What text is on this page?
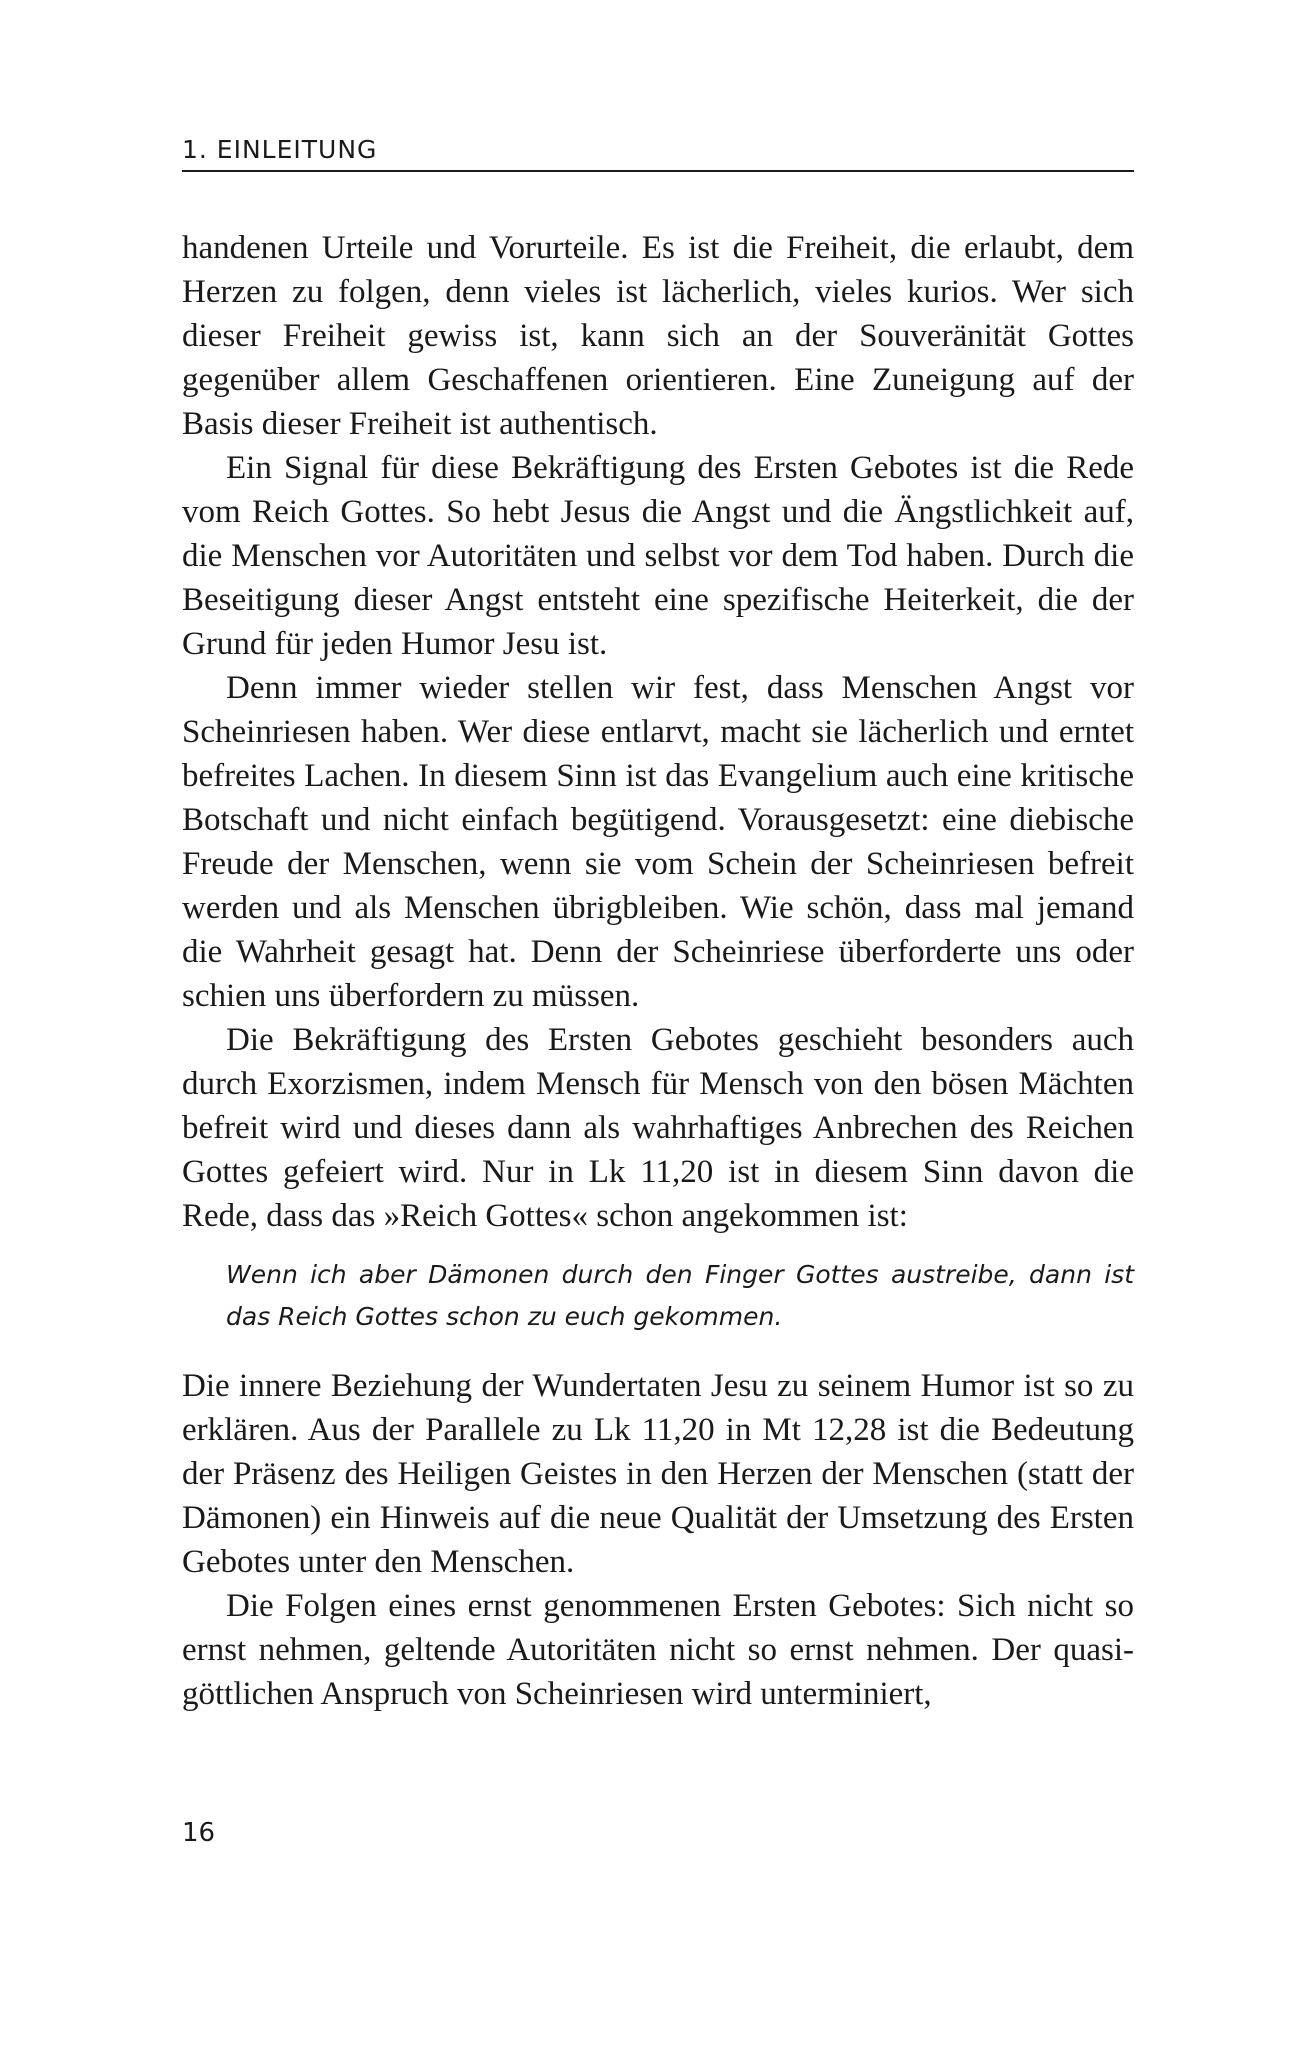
1. EINLEITUNG

handenen Urteile und Vorurteile. Es ist die Freiheit, die erlaubt, dem Herzen zu folgen, denn vieles ist lächerlich, vieles kurios. Wer sich dieser Freiheit gewiss ist, kann sich an der Souveränität Gottes gegenüber allem Geschaffenen orientieren. Eine Zuneigung auf der Basis dieser Freiheit ist authentisch.

Ein Signal für diese Bekräftigung des Ersten Gebotes ist die Rede vom Reich Gottes. So hebt Jesus die Angst und die Ängstlichkeit auf, die Menschen vor Autoritäten und selbst vor dem Tod haben. Durch die Beseitigung dieser Angst entsteht eine spezifische Heiterkeit, die der Grund für jeden Humor Jesu ist.

Denn immer wieder stellen wir fest, dass Menschen Angst vor Scheinriesen haben. Wer diese entlarvt, macht sie lächerlich und erntet befreites Lachen. In diesem Sinn ist das Evangelium auch eine kritische Botschaft und nicht einfach begütigend. Vorausgesetzt: eine diebische Freude der Menschen, wenn sie vom Schein der Scheinriesen befreit werden und als Menschen übrigbleiben. Wie schön, dass mal jemand die Wahrheit gesagt hat. Denn der Scheinriese überforderte uns oder schien uns überfordern zu müssen.

Die Bekräftigung des Ersten Gebotes geschieht besonders auch durch Exorzismen, indem Mensch für Mensch von den bösen Mächten befreit wird und dieses dann als wahrhaftiges Anbrechen des Reichen Gottes gefeiert wird. Nur in Lk 11,20 ist in diesem Sinn davon die Rede, dass das »Reich Gottes« schon angekommen ist:

Wenn ich aber Dämonen durch den Finger Gottes austreibe, dann ist das Reich Gottes schon zu euch gekommen.

Die innere Beziehung der Wundertaten Jesu zu seinem Humor ist so zu erklären. Aus der Parallele zu Lk 11,20 in Mt 12,28 ist die Bedeutung der Präsenz des Heiligen Geistes in den Herzen der Menschen (statt der Dämonen) ein Hinweis auf die neue Qualität der Umsetzung des Ersten Gebotes unter den Menschen.

Die Folgen eines ernst genommenen Ersten Gebotes: Sich nicht so ernst nehmen, geltende Autoritäten nicht so ernst nehmen. Der quasi-göttlichen Anspruch von Scheinriesen wird unterminiert,

16
